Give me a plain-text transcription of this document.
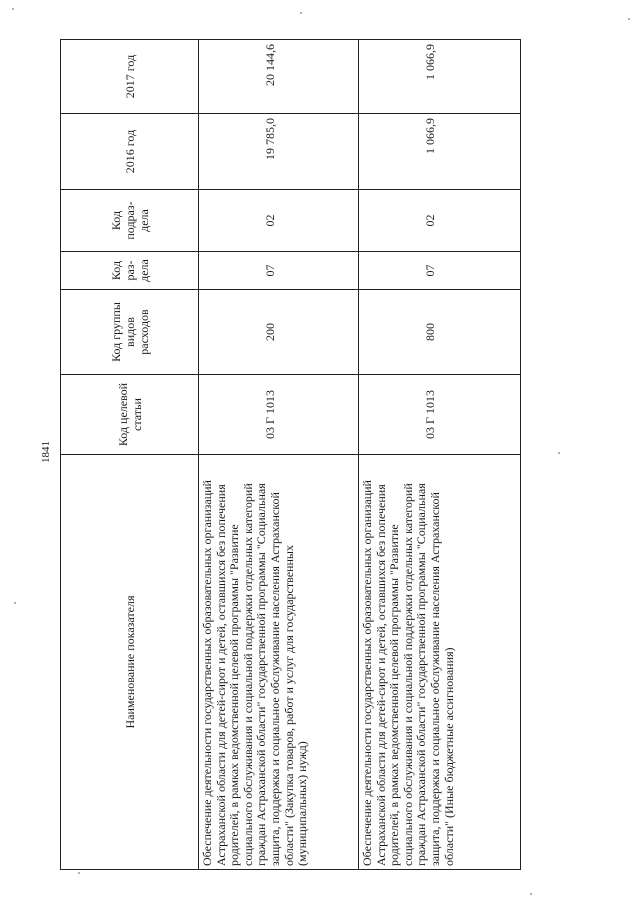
1841
Наименование показателя	Код целевой статьи	Код группы видов расходов	Код раз- дела	Код подраз- дела	2016 год	2017 год
Обеспечение деятельности государственных образовательных организаций Астраханской области для детей-сирот и детей, оставшихся без попечения родителей, в рамках ведомственной целевой программы "Развитие социального обслуживания и социальной поддержки отдельных категорий граждан Астраханской области" государственной программы "Социальная защита, поддержка и социальное обслуживание населения Астраханской области" (Закупка товаров, работ и услуг для государственных (муниципальных) нужд)	03 Г 1013	200	07	02	19 785,0	20 144,6
Обеспечение деятельности государственных образовательных организаций Астраханской области для детей-сирот и детей, оставшихся без попечения родителей, в рамках ведомственной целевой программы "Развитие социального обслуживания и социальной поддержки отдельных категорий граждан Астраханской области" государственной программы "Социальная защита, поддержка и социальное обслуживание населения Астраханской области" (Иные бюджетные ассигнования)	03 Г 1013	800	07	02	1 066,9	1 066,9
